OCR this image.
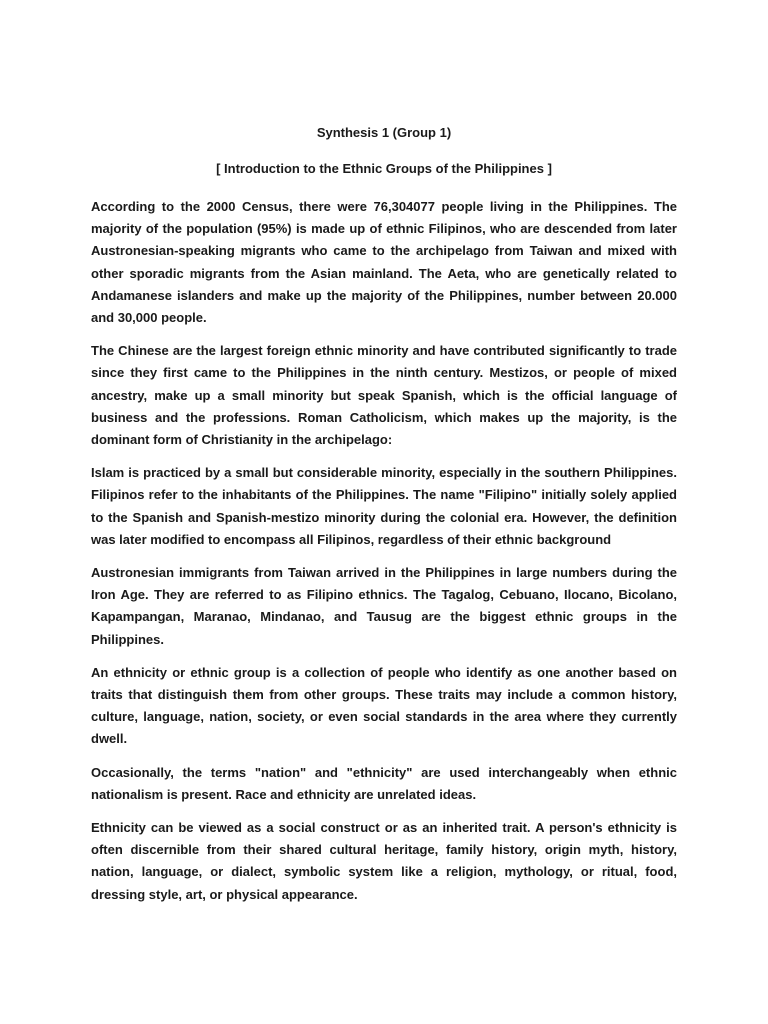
Synthesis 1 (Group 1)
[ Introduction to the Ethnic Groups of the Philippines ]

According to the 2000 Census, there were 76,304077 people living in the Philippines. The majority of the population (95%) is made up of ethnic Filipinos, who are descended from later Austronesian-speaking migrants who came to the archipelago from Taiwan and mixed with other sporadic migrants from the Asian mainland. The Aeta, who are genetically related to Andamanese islanders and make up the majority of the Philippines, number between 20.000 and 30,000 people.

The Chinese are the largest foreign ethnic minority and have contributed significantly to trade since they first came to the Philippines in the ninth century. Mestizos, or people of mixed ancestry, make up a small minority but speak Spanish, which is the official language of business and the professions. Roman Catholicism, which makes up the majority, is the dominant form of Christianity in the archipelago:

Islam is practiced by a small but considerable minority, especially in the southern Philippines. Filipinos refer to the inhabitants of the Philippines. The name "Filipino" initially solely applied to the Spanish and Spanish-mestizo minority during the colonial era. However, the definition was later modified to encompass all Filipinos, regardless of their ethnic background

Austronesian immigrants from Taiwan arrived in the Philippines in large numbers during the Iron Age. They are referred to as Filipino ethnics. The Tagalog, Cebuano, Ilocano, Bicolano, Kapampangan, Maranao, Mindanao, and Tausug are the biggest ethnic groups in the Philippines.

An ethnicity or ethnic group is a collection of people who identify as one another based on traits that distinguish them from other groups. These traits may include a common history, culture, language, nation, society, or even social standards in the area where they currently dwell.

Occasionally, the terms "nation" and "ethnicity" are used interchangeably when ethnic nationalism is present. Race and ethnicity are unrelated ideas.

Ethnicity can be viewed as a social construct or as an inherited trait. A person's ethnicity is often discernible from their shared cultural heritage, family history, origin myth, history, nation, language, or dialect, symbolic system like a religion, mythology, or ritual, food, dressing style, art, or physical appearance.
